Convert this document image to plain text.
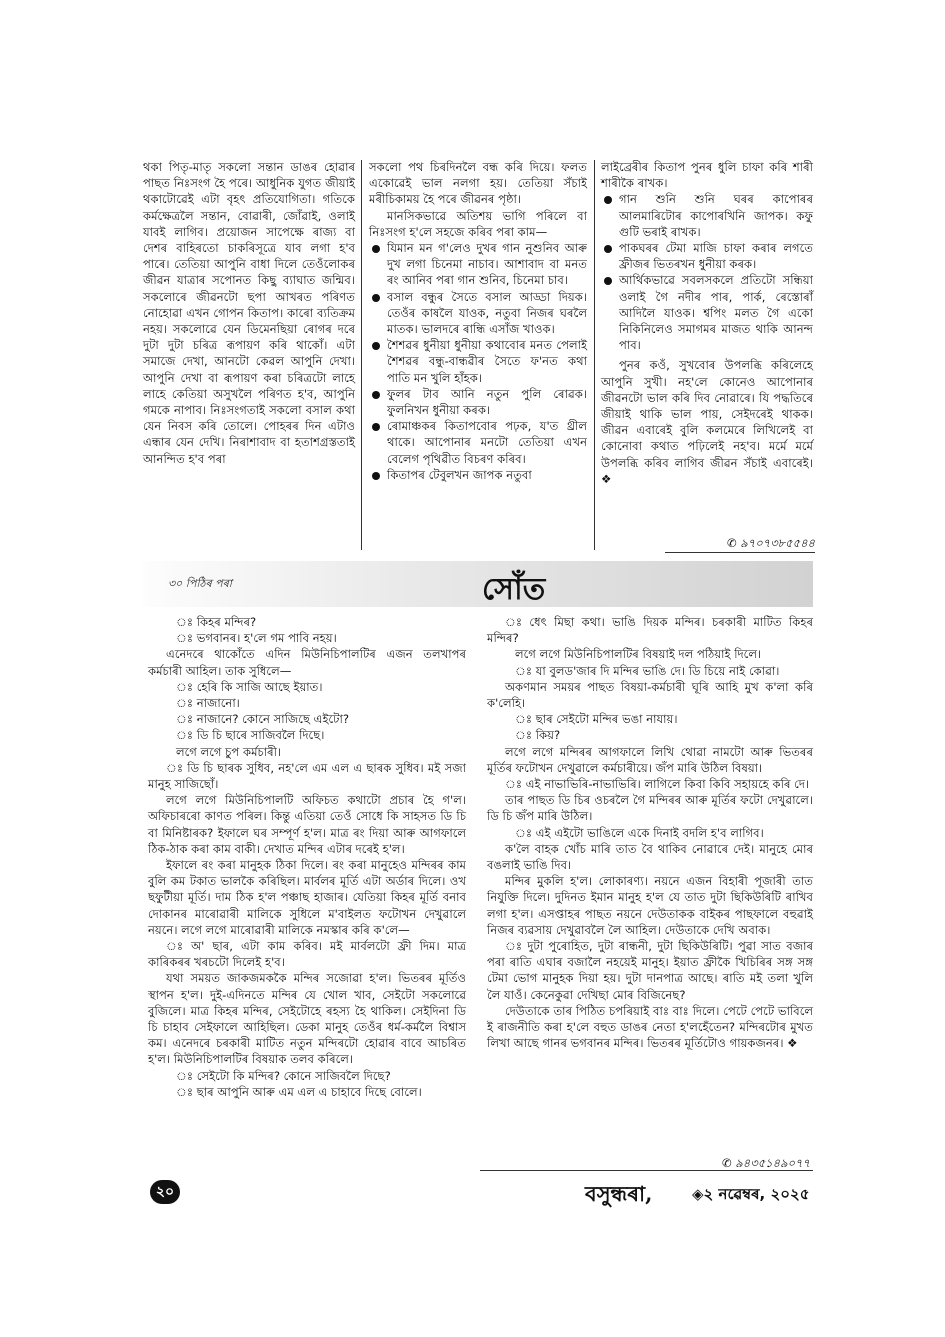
থকা পিতৃ-মাতৃ সকলো সন্তান ডাঙৰ হোৱাৰ পাছত নিঃসংগ হৈ পৰে। আধুনিক যুগত জীয়াই থকাটোৱেই এটা বৃহৎ প্ৰতিযোগিতা। গতিকে কৰ্মক্ষেত্ৰলৈ সন্তান, বোৱাৰী, জোঁৱাই, ওলাই যাবই লাগিব। প্ৰয়োজন সাপেক্ষে ৰাজ্য বা দেশৰ বাহিৰতো চাকৰিসূত্ৰে যাব লগা হ'ব পাৰে। তেতিয়া আপুনি বাধা দিলে তেওঁলোকৰ জীৱন যাত্ৰাৰ সপোনত কিছু ব্যাঘাত জন্মিব। সকলোৰে জীৱনটো ছপা আখৰত পৰিণত নোহোৱা এখন গোপন কিতাপ। কাৰো ব্যতিক্ৰম নহয়। সকলোৱে যেন ডিমেনছিয়া ৰোগৰ দৰে দুটা দুটা চৰিত্ৰ ৰূপায়ণ কৰি থাকোঁ। এটা সমাজে দেখা, আনটো কেৱল আপুনি দেখা। আপুনি দেখা বা ৰূপায়ণ কৰা চৰিত্ৰটো লাহে লাহে কেতিয়া অসুখলৈ পৰিণত হ'ব, আপুনি গমকে নাপাব। নিঃসংগতাই সকলো বসাল কথা যেন নিবস কৰি তোলে। পোহৰৰ দিন এটাও এন্ধাৰ যেন দেখি। নিৰাশাবাদ বা হতাশগ্ৰস্ততাই আনন্দিত হ'ব পৰা

সকলো পথ চিৰদিনলৈ বন্ধ কৰি দিয়ে। ফলত একোৱেই ভাল নলগা হয়। তেতিয়া সঁচাই মৰীচিকাময় হৈ পৰে জীৱনৰ পৃষ্ঠা।

মানসিকভাৱে অতিশয় ভাগি পৰিলে বা নিঃসংগ হ'লে সহজে কৰিব পৰা কাম—

যিমান মন গ'লেও দুখৰ গান নুশুনিব আৰু দুখ লগা চিনেমা নাচাব। আশাবাদ বা মনত ৰং আনিব পৰা গান শুনিব, চিনেমা চাব।
বসাল বন্ধুৰ সৈতে বসাল আড্ডা দিয়ক। তেওঁৰ কাষলৈ যাওক, নতুবা নিজৰ ঘৰলৈ মাতক। ভালদৰে ৰান্ধি এসাঁজ খাওক।
শৈশৱৰ ধুনীয়া ধুনীয়া কথাবোৰ মনত পেলাই শৈশৱৰ বন্ধু-বান্ধৱীৰ সৈতে ফ'নত কথা পাতি মন খুলি হাঁহক।
ফুলৰ টাব আনি নতুন পুলি ৰোৱক। ফুলনিখন ধুনীয়া কৰক।
ৰোমাঞ্চকৰ কিতাপবোৰ পঢ়ক, য'ত থ্ৰীল থাকে। আপোনাৰ মনটো তেতিয়া এখন বেলেগ পৃথিৱীত বিচৰণ কৰিব।
কিতাপৰ টেবুলখন জাপক নতুবা

লাইব্ৰেৰীৰ কিতাপ পুনৰ ধুলি চাফা কৰি শাৰী শাৰীকৈ ৰাখক।

গান শুনি শুনি ঘৰৰ কাপোৰৰ আলমাৰিটোৰ কাপোৰখিনি জাপক। কফু গুটি ভৰাই ৰাখক।
পাকঘৰৰ টেমা মাজি চাফা কৰাৰ লগতে ফ্ৰীজৰ ভিতৰখন ধুনীয়া কৰক।
আৰ্থিকভাৱে সবলসকলে প্ৰতিটো সন্ধিয়া ওলাই গৈ নদীৰ পাৰ, পাৰ্ক, ৰেস্তোৰাঁ আদিলৈ যাওক। শ্বপিং মলত গৈ একো নিকিনিলেও সমাগমৰ মাজত থাকি আনন্দ পাব।

পুনৰ কওঁ, সুখবোৰ উপলব্ধি কৰিলেহে আপুনি সুখী। নহ'লে কোনেও আপোনাৰ জীৱনটো ভাল কৰি দিব নোৱাৰে। যি পদ্ধতিৰে জীয়াই থাকি ভাল পায়, সেইদৰেই থাকক। জীৱন এবাৰেই বুলি কলমেৰে লিখিলেই বা কোনোবা কথাত পঢ়িলেই নহ'ব। মৰ্মে মৰ্মে উপলব্ধি কৰিব লাগিব জীৱন সঁচাই এবাৰেই। ❖

✆ ৯৭০৭৩৮৫৫৪৪
৩০ পিঠিৰ পৰা	সোঁত

ঃ কিহৰ মন্দিৰ?

ঃ ভগবানৰ। হ'লে গম পাবি নহয়।

এনেদৰে থাকোঁতে এদিন মিউনিচিপালটিৰ এজন তলখাপৰ কৰ্মচাৰী আহিল। তাক সুধিলে—

ঃ হেৰি কি সাজি আছে ইয়াত।

ঃ নাজানো।

ঃ নাজানে? কোনে সাজিছে এইটো?

ঃ ডি চি ছাৰে সাজিবলৈ দিছে।

লগে লগে চুপ কৰ্মচাৰী।

ঃ ডি চি ছাৰক সুধিব, নহ'লে এম এল এ ছাৰক সুধিব। মই সজা মানুহ সাজিছোঁ।

লগে লগে মিউনিচিপালটি অফিচত কথাটো প্ৰচাৰ হৈ গ'ল। অফিচাৰৰো কাণত পৰিল। কিন্তু এতিয়া তেওঁ সোধে কি সাহসত ডি চি বা মিনিষ্টাৰক? ইফালে ঘৰ সম্পূৰ্ণ হ'ল। মাত্ৰ ৰং দিয়া আৰু আগফালে ঠিক-ঠাক কৰা কাম বাকী। দেখাত মন্দিৰ এটাৰ দৰেই হ'ল।

ইফালে ৰং কৰা মানুহক ঠিকা দিলে। ৰং কৰা মানুহেও মন্দিৰৰ কাম বুলি কম টকাত ভালকৈ কৰিছিল। মাৰ্বলৰ মূৰ্তি এটা অৰ্ডাৰ দিলে। ওখ ছফুটীয়া মূৰ্তি। দাম ঠিক হ'ল পঞ্চাছ হাজাৰ। যেতিয়া কিহৰ মূৰ্তি বনাব দোকানৰ মাৰোৱাৰী মালিকে সুধিলে ম'বাইলত ফটোখন দেখুৱালে নয়নে। লগে লগে মাৰোৱাৰী মালিকে নমস্কাৰ কৰি ক'লে—

ঃ অ' ছাৰ, এটা কাম কৰিব। মই মাৰ্বলটো ফ্ৰী দিম। মাত্ৰ কাৰিকৰৰ খৰচটো দিলেই হ'ব।

যথা সময়ত জাকজমককৈ মন্দিৰ সজোৱা হ'ল। ভিতৰৰ মূৰ্তিও স্থাপন হ'ল। দুই-এদিনতে মন্দিৰ যে খোল খাব, সেইটো সকলোৱে বুজিলে। মাত্ৰ কিহৰ মন্দিৰ, সেইটোহে ৰহস্য হৈ থাকিল। সেইদিনা ডি চি চাহাব সেইফালে আহিছিল। ডেকা মানুহ তেওঁৰ ধৰ্ম-কৰ্মলৈ বিশ্বাস কম। এনেদৰে চৰকাৰী মাটিত নতুন মন্দিৰটো হোৱাৰ বাবে আচৰিত হ'ল। মিউনিচিপালটিৰ বিষয়াক তলব কৰিলে।

ঃ সেইটো কি মন্দিৰ? কোনে সাজিবলৈ দিছে?

ঃ ছাৰ আপুনি আৰু এম এল এ চাহাবে দিছে বোলে।

ঃ ধেৎ মিছা কথা। ভাঙি দিয়ক মন্দিৰ। চৰকাৰী মাটিত কিহৰ মন্দিৰ?

লগে লগে মিউনিচিপালটিৰ বিষয়াই দল পঠিয়াই দিলে।

ঃ যা বুলড'জাৰ দি মন্দিৰ ভাঙি দে। ডি চিয়ে নাই কোৱা।

অকণমান সময়ৰ পাছত বিষয়া-কৰ্মচাৰী ঘূৰি আহি মুখ ক'লা কৰি ক'লেহি।

ঃ ছাৰ সেইটো মন্দিৰ ভঙা নাযায়।

ঃ কিয়?

লগে লগে মন্দিৰৰ আগফালে লিখি থোৱা নামটো আৰু ভিতৰৰ মূৰ্তিৰ ফটোখন দেখুৱালে কৰ্মচাৰীয়ে। জঁপ মাৰি উঠিল বিষয়া।

ঃ এই নাভাভিৰি-নাভাভিৰি। লাগিলে কিবা কিবি সহায়হে কৰি দে।

তাৰ পাছত ডি চিৰ ওচৰলৈ গৈ মন্দিৰৰ আৰু মূৰ্তিৰ ফটো দেখুৱালে। ডি চি জঁপ মাৰি উঠিল।

ঃ এই এইটো ভাঙিলে একে দিনাই বদলি হ'ব লাগিব।

ক'লৈ বাহক খোঁচ মাৰি তাত বৈ থাকিব নোৱাৰে দেই। মানুহে মোৰ বঙলাই ভাঙি দিব।

মন্দিৰ মুকলি হ'ল। লোকাৰণ্য। নয়নে এজন বিহাৰী পূজাৰী তাত নিযুক্তি দিলে। দুদিনত ইমান মানুহ হ'ল যে তাত দুটা ছিকিউৰিটি ৰাখিব লগা হ'ল। এসপ্তাহৰ পাছত নয়নে দেউতাকক বাইকৰ পাছফালে বহুৱাই নিজৰ ব্যৱসায় দেখুৱাবলৈ লৈ আহিল। দেউতাকে দেখি অবাক।

ঃ দুটা পুৰোহিত, দুটা ৰান্ধনী, দুটা ছিকিউৰিটি। পুৱা সাত বজাৰ পৰা ৰাতি এঘাৰ বজালৈ নহয়েই মানুহ। ইয়াত ফ্ৰীকৈ খিচিৰিৰ সঙ্গ সঙ্গ টেমা ভোগ মানুহক দিয়া হয়। দুটা দানপাত্ৰ আছে। ৰাতি মই তলা খুলি লৈ যাওঁ। কেনেকুৱা দেখিছা মোৰ বিজিনেছ?

দেউতাকে তাৰ পিঠিত চপৰিয়াই বাঃ বাঃ দিলে। পেটে পেটে ভাবিলে ই ৰাজনীতি কৰা হ'লে বহুত ডাঙৰ নেতা হ'লহেঁতেন? মন্দিৰটোৰ মুখত লিখা আছে গানৰ ভগবানৰ মন্দিৰ। ভিতৰৰ মূৰ্তিটোও গায়কজনৰ। ❖

✆ ৯৪৩৫১৪৯০৭৭
২০	বসুন্ধৰা,	◈২ নৱেম্বৰ, ২০২৫
